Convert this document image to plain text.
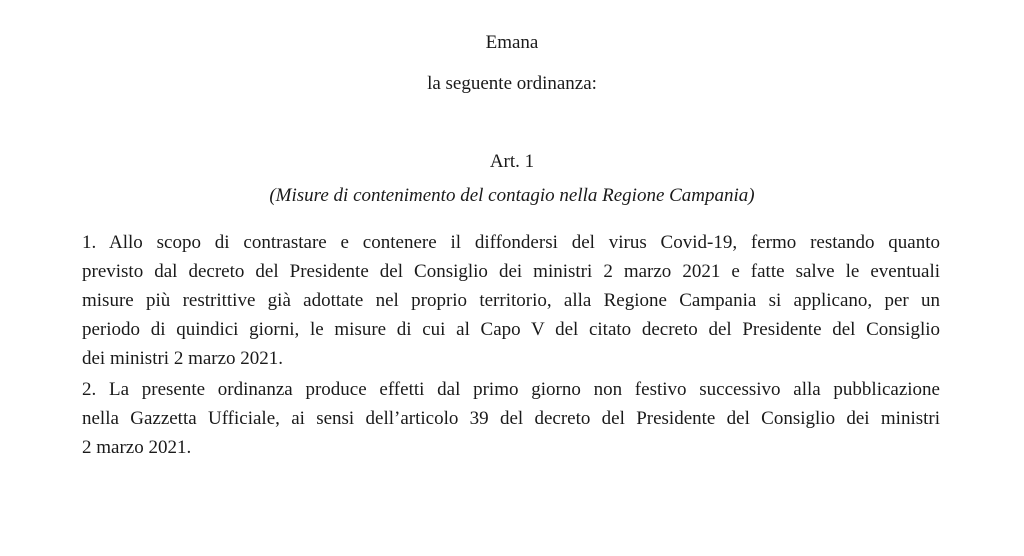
Emana
la seguente ordinanza:
Art. 1
(Misure di contenimento del contagio nella Regione Campania)
1. Allo scopo di contrastare e contenere il diffondersi del virus Covid-19, fermo restando quanto
previsto dal decreto del Presidente del Consiglio dei ministri 2 marzo 2021 e fatte salve le eventuali
misure più restrittive già adottate nel proprio territorio, alla Regione Campania si applicano, per un
periodo di quindici giorni, le misure di cui al Capo V del citato decreto del Presidente del Consiglio
dei ministri 2 marzo 2021.
2. La presente ordinanza produce effetti dal primo giorno non festivo successivo alla pubblicazione
nella Gazzetta Ufficiale, ai sensi dell’articolo 39 del decreto del Presidente del Consiglio dei ministri
2 marzo 2021.
